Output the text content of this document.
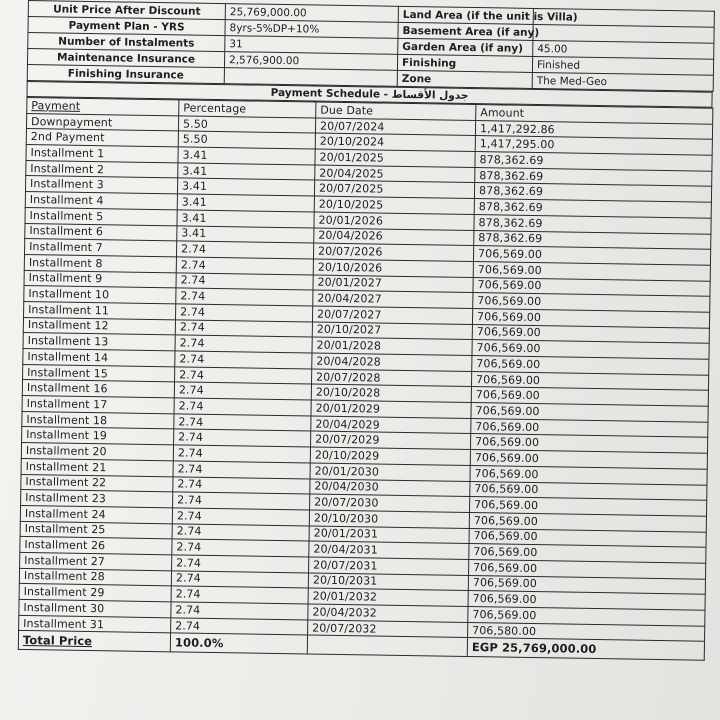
Unit Price After Discount	25,769,000.00	Land Area (if the unit is Villa)	
Payment Plan - YRS	8yrs-5%DP+10%	Basement Area (if any)	
Number of Instalments	31	Garden Area (if any)	45.00
Maintenance Insurance	2,576,900.00	Finishing	Finished
Finishing Insurance		Zone	The Med-Geo
Payment Schedule - جدول الأقساط
Payment	Percentage	Due Date	Amount
Downpayment	5.50	20/07/2024	1,417,292.86
2nd Payment	5.50	20/10/2024	1,417,295.00
Installment 1	3.41	20/01/2025	878,362.69
Installment 2	3.41	20/04/2025	878,362.69
Installment 3	3.41	20/07/2025	878,362.69
Installment 4	3.41	20/10/2025	878,362.69
Installment 5	3.41	20/01/2026	878,362.69
Installment 6	3.41	20/04/2026	878,362.69
Installment 7	2.74	20/07/2026	706,569.00
Installment 8	2.74	20/10/2026	706,569.00
Installment 9	2.74	20/01/2027	706,569.00
Installment 10	2.74	20/04/2027	706,569.00
Installment 11	2.74	20/07/2027	706,569.00
Installment 12	2.74	20/10/2027	706,569.00
Installment 13	2.74	20/01/2028	706,569.00
Installment 14	2.74	20/04/2028	706,569.00
Installment 15	2.74	20/07/2028	706,569.00
Installment 16	2.74	20/10/2028	706,569.00
Installment 17	2.74	20/01/2029	706,569.00
Installment 18	2.74	20/04/2029	706,569.00
Installment 19	2.74	20/07/2029	706,569.00
Installment 20	2.74	20/10/2029	706,569.00
Installment 21	2.74	20/01/2030	706,569.00
Installment 22	2.74	20/04/2030	706,569.00
Installment 23	2.74	20/07/2030	706,569.00
Installment 24	2.74	20/10/2030	706,569.00
Installment 25	2.74	20/01/2031	706,569.00
Installment 26	2.74	20/04/2031	706,569.00
Installment 27	2.74	20/07/2031	706,569.00
Installment 28	2.74	20/10/2031	706,569.00
Installment 29	2.74	20/01/2032	706,569.00
Installment 30	2.74	20/04/2032	706,569.00
Installment 31	2.74	20/07/2032	706,580.00
Total Price	100.0%		EGP 25,769,000.00
